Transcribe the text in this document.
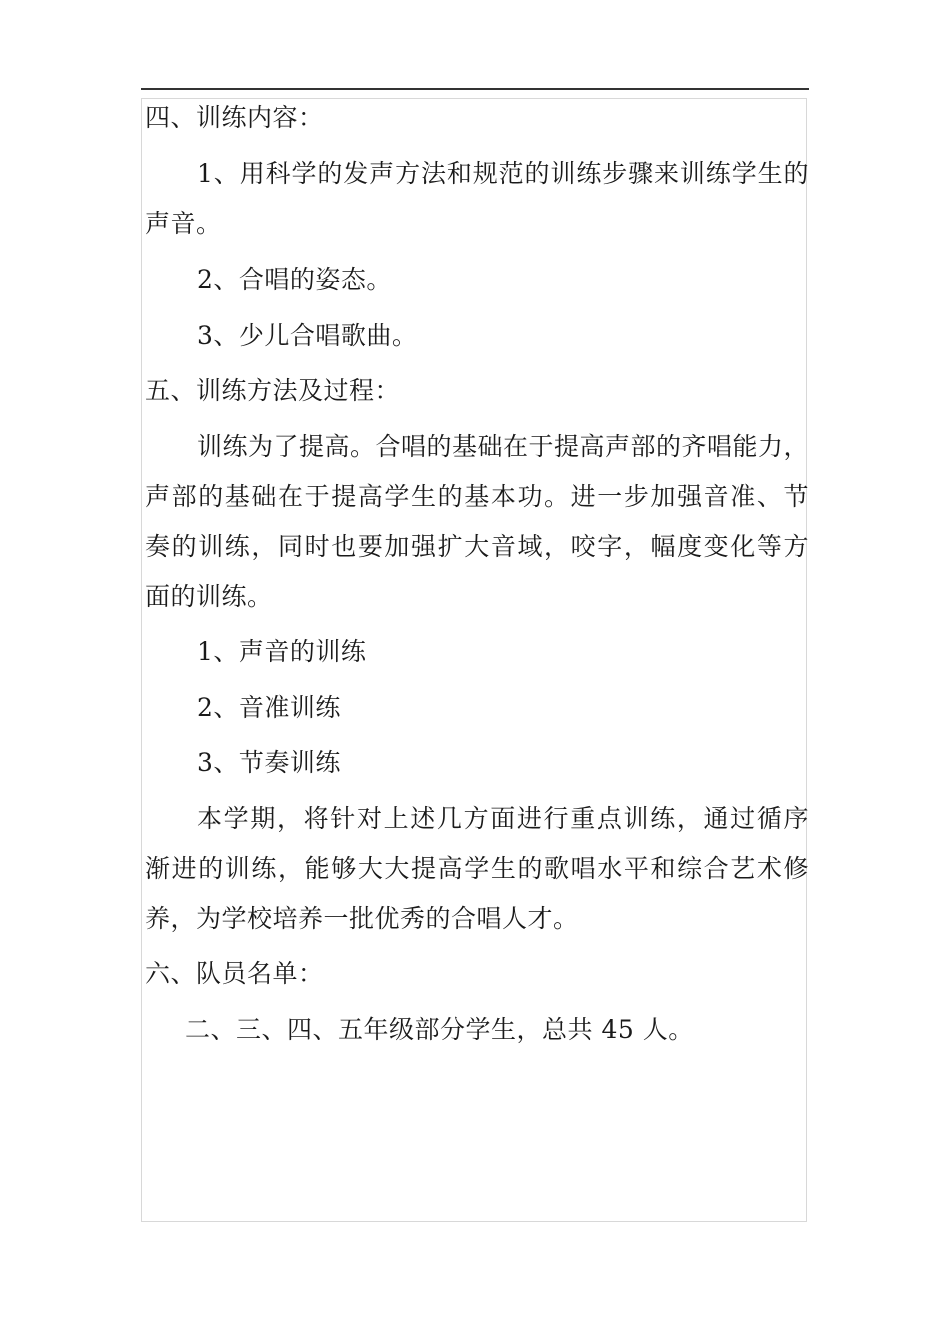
四、训练内容：
1、用科学的发声方法和规范的训练步骤来训练学生的
声音。
2、合唱的姿态。
3、少儿合唱歌曲。
五、训练方法及过程：
训练为了提高。合唱的基础在于提高声部的齐唱能力，
声部的基础在于提高学生的基本功。进一步加强音准、节
奏的训练，同时也要加强扩大音域，咬字，幅度变化等方
面的训练。
1、声音的训练
2、音准训练
3、节奏训练
本学期，将针对上述几方面进行重点训练，通过循序
渐进的训练，能够大大提高学生的歌唱水平和综合艺术修
养，为学校培养一批优秀的合唱人才。
六、队员名单：
二、三、四、五年级部分学生，总共 45 人。
